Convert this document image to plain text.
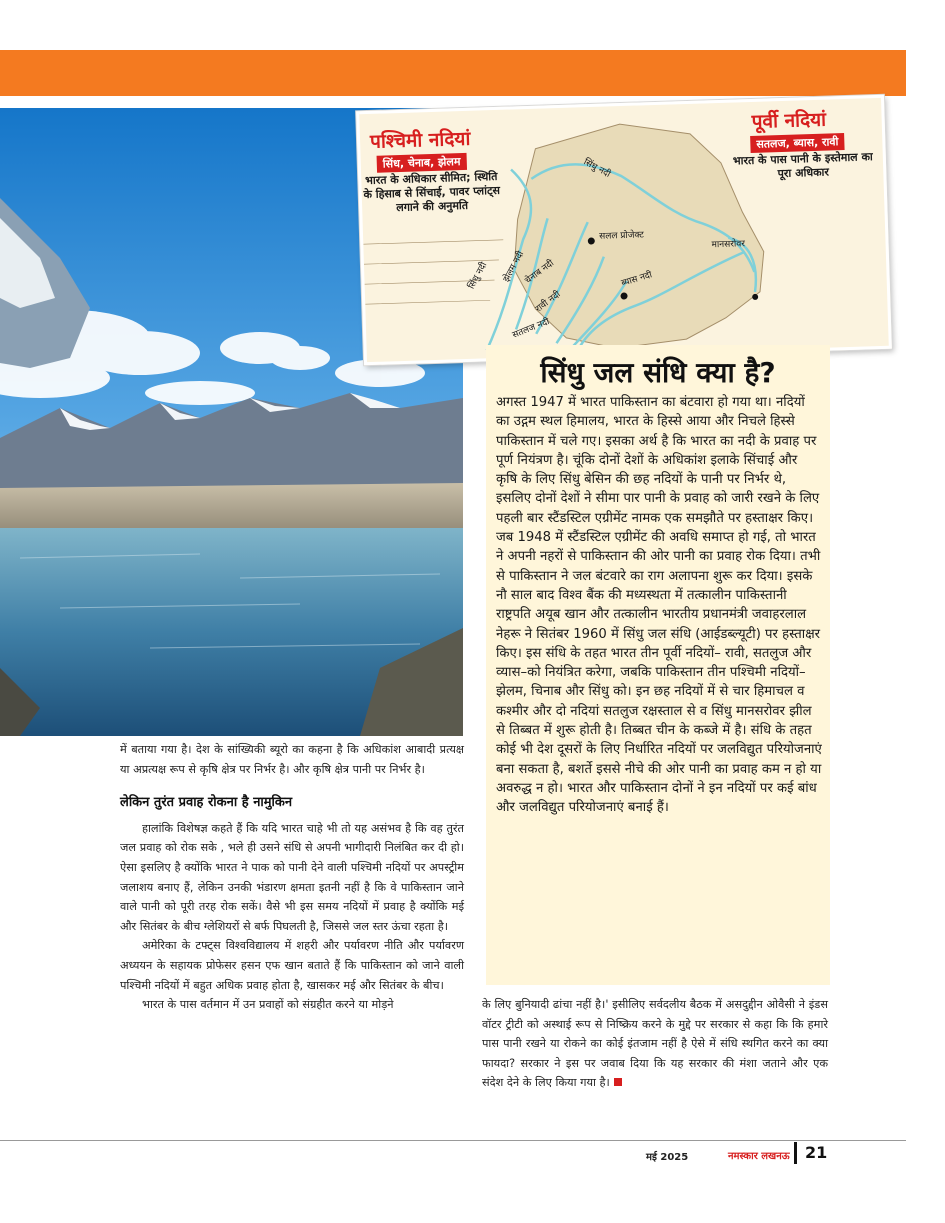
पश्चिमी नदियां
सिंध, चेनाब, झेलम
भारत के अधिकार सीमित; स्थिति के हिसाब से सिंचाई, पावर प्लांट्स लगाने की अनुमति
पूर्वी नदियां
सतलज, ब्यास, रावी
भारत के पास पानी के इस्तेमाल का पूरा अधिकार
सिंधु नदी
सलल प्रोजेक्ट
मानसरोवर
सिंधु नदी झेलम नदी
चेनाब नदी
रावी नदी
ब्यास नदी
सतलज नदी
सिंधु जल संधि क्या है?

अगस्त 1947 में भारत पाकिस्तान का बंटवारा हो गया था। नदियों का उद्गम स्थल हिमालय, भारत के हिस्से आया और निचले हिस्से पाकिस्तान में चले गए। इसका अर्थ है कि भारत का नदी के प्रवाह पर पूर्ण नियंत्रण है। चूंकि दोनों देशों के अधिकांश इलाके सिंचाई और कृषि के लिए सिंधु बेसिन की छह नदियों के पानी पर निर्भर थे, इसलिए दोनों देशों ने सीमा पार पानी के प्रवाह को जारी रखने के लिए पहली बार स्टैंडस्टिल एग्रीमेंट नामक एक समझौते पर हस्ताक्षर किए। जब 1948 में स्टैंडस्टिल एग्रीमेंट की अवधि समाप्त हो गई, तो भारत ने अपनी नहरों से पाकिस्तान की ओर पानी का प्रवाह रोक दिया। तभी से पाकिस्तान ने जल बंटवारे का राग अलापना शुरू कर दिया। इसके नौ साल बाद विश्व बैंक की मध्यस्थता में तत्कालीन पाकिस्तानी राष्ट्रपति अयूब खान और तत्कालीन भारतीय प्रधानमंत्री जवाहरलाल नेहरू ने सितंबर 1960 में सिंधु जल संधि (आईडब्ल्यूटी) पर हस्ताक्षर किए। इस संधि के तहत भारत तीन पूर्वी नदियों– रावी, सतलुज और व्यास–को नियंत्रित करेगा, जबकि पाकिस्तान तीन पश्चिमी नदियों– झेलम, चिनाब और सिंधु को। इन छह नदियों में से चार हिमाचल व कश्मीर और दो नदियां सतलुज रक्षस्ताल से व सिंधु मानसरोवर झील से तिब्बत में शुरू होती है। तिब्बत चीन के कब्जे में है। संधि के तहत कोई भी देश दूसरों के लिए निर्धारित नदियों पर जलविद्युत परियोजनाएं बना सकता है, बशर्ते इससे नीचे की ओर पानी का प्रवाह कम न हो या अवरुद्ध न हो। भारत और पाकिस्तान दोनों ने इन नदियों पर कई बांध और जलविद्युत परियोजनाएं बनाई हैं।

में बताया गया है। देश के सांख्यिकी ब्यूरो का कहना है कि अधिकांश आबादी प्रत्यक्ष या अप्रत्यक्ष रूप से कृषि क्षेत्र पर निर्भर है। और कृषि क्षेत्र पानी पर निर्भर है।

लेकिन तुरंत प्रवाह रोकना है नामुकिन

हालांकि विशेषज्ञ कहते हैं कि यदि भारत चाहे भी तो यह असंभव है कि वह तुरंत जल प्रवाह को रोक सके , भले ही उसने संधि से अपनी भागीदारी निलंबित कर दी हो। ऐसा इसलिए है क्योंकि भारत ने पाक को पानी देने वाली पश्चिमी नदियों पर अपस्ट्रीम जलाशय बनाए हैं, लेकिन उनकी भंडारण क्षमता इतनी नहीं है कि वे पाकिस्तान जाने वाले पानी को पूरी तरह रोक सकें। वैसे भी इस समय नदियों में प्रवाह है क्योंकि मई और सितंबर के बीच ग्लेशियरों से बर्फ पिघलती है, जिससे जल स्तर ऊंचा रहता है।

अमेरिका के टफ्ट्स विश्वविद्यालय में शहरी और पर्यावरण नीति और पर्यावरण अध्ययन के सहायक प्रोफेसर हसन एफ खान बताते हैं कि पाकिस्तान को जाने वाली पश्चिमी नदियों में बहुत अधिक प्रवाह होता है, खासकर मई और सितंबर के बीच।

भारत के पास वर्तमान में उन प्रवाहों को संग्रहीत करने या मोड़ने	के लिए बुनियादी ढांचा नहीं है।' इसीलिए सर्वदलीय बैठक में असदुद्दीन ओवैसी ने इंडस वॉटर ट्रीटी को अस्थाई रूप से निष्क्रिय करने के मुद्दे पर सरकार से कहा कि कि हमारे पास पानी रखने या रोकने का कोई इंतजाम नहीं है ऐसे में संधि स्थगित करने का क्या फायदा? सरकार ने इस पर जवाब दिया कि यह सरकार की मंशा जताने और एक संदेश देने के लिए किया गया है।
मई 2025	नमस्कार लखनऊ 21
